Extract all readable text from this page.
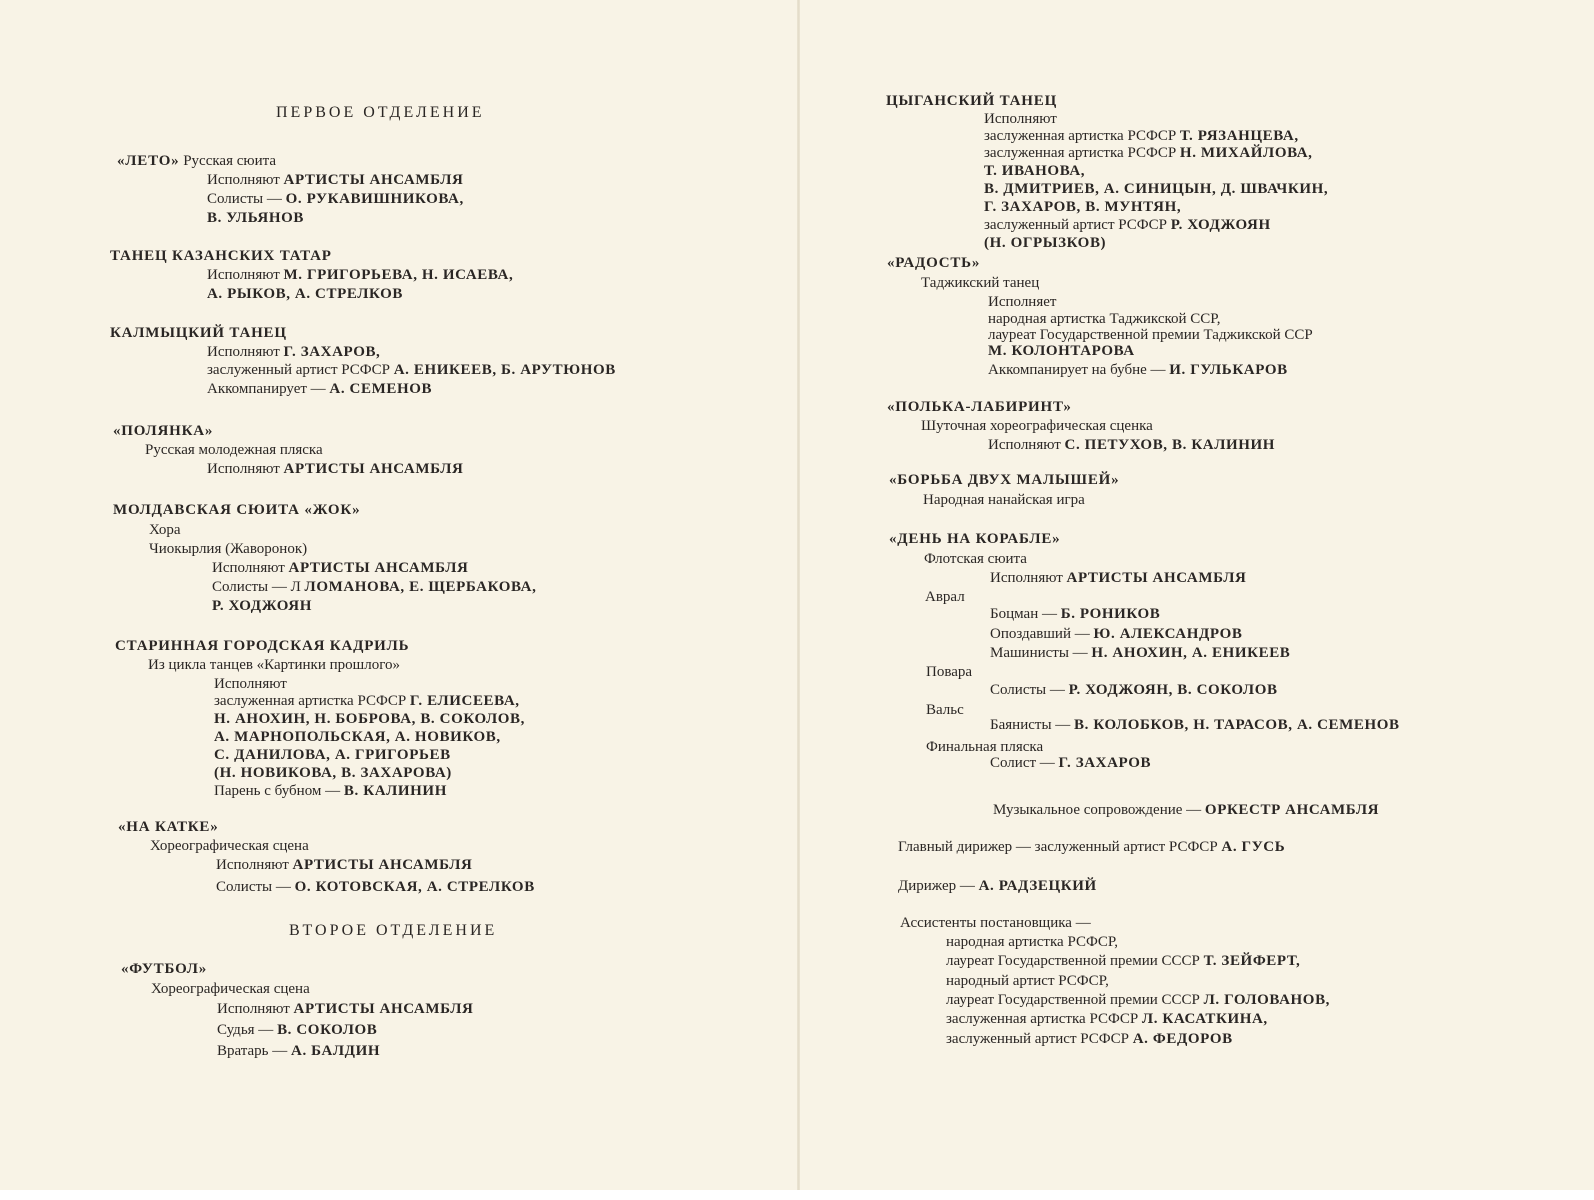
ПЕРВОЕ ОТДЕЛЕНИЕ
«ЛЕТО» Русская сюита
Исполняют АРТИСТЫ АНСАМБЛЯ
Солисты — О. РУКАВИШНИКОВА,
В. УЛЬЯНОВ
ТАНЕЦ КАЗАНСКИХ ТАТАР
Исполняют М. ГРИГОРЬЕВА, Н. ИСАЕВА,
А. РЫКОВ, А. СТРЕЛКОВ
КАЛМЫЦКИЙ ТАНЕЦ
Исполняют Г. ЗАХАРОВ,
заслуженный артист РСФСР А. ЕНИКЕЕВ, Б. АРУТЮНОВ
Аккомпанирует — А. СЕМЕНОВ
«ПОЛЯНКА»
Русская молодежная пляска
Исполняют АРТИСТЫ АНСАМБЛЯ
МОЛДАВСКАЯ СЮИТА «ЖОК»
Хора
Чиокырлия (Жаворонок)
Исполняют АРТИСТЫ АНСАМБЛЯ
Солисты — Л ЛОМАНОВА, Е. ЩЕРБАКОВА,
Р. ХОДЖОЯН
СТАРИННАЯ ГОРОДСКАЯ КАДРИЛЬ
Из цикла танцев «Картинки прошлого»
Исполняют
заслуженная артистка РСФСР Г. ЕЛИСЕЕВА,
Н. АНОХИН, Н. БОБРОВА, В. СОКОЛОВ,
А. МАРНОПОЛЬСКАЯ, А. НОВИКОВ,
С. ДАНИЛОВА, А. ГРИГОРЬЕВ
(Н. НОВИКОВА, В. ЗАХАРОВА)
Парень с бубном — В. КАЛИНИН
«НА КАТКЕ»
Хореографическая сцена
Исполняют АРТИСТЫ АНСАМБЛЯ
Солисты — О. КОТОВСКАЯ, А. СТРЕЛКОВ
ВТОРОЕ ОТДЕЛЕНИЕ
«ФУТБОЛ»
Хореографическая сцена
Исполняют АРТИСТЫ АНСАМБЛЯ
Судья — В. СОКОЛОВ
Вратарь — А. БАЛДИН
ЦЫГАНСКИЙ ТАНЕЦ
Исполняют
заслуженная артистка РСФСР Т. РЯЗАНЦЕВА,
заслуженная артистка РСФСР Н. МИХАЙЛОВА,
Т. ИВАНОВА,
В. ДМИТРИЕВ, А. СИНИЦЫН, Д. ШВАЧКИН,
Г. ЗАХАРОВ, В. МУНТЯН,
заслуженный артист РСФСР Р. ХОДЖОЯН
(Н. ОГРЫЗКОВ)
«РАДОСТЬ»
Таджикский танец
Исполняет
народная артистка Таджикской ССР,
лауреат Государственной премии Таджикской ССР
М. КОЛОНТАРОВА
Аккомпанирует на бубне — И. ГУЛЬКАРОВ
«ПОЛЬКА-ЛАБИРИНТ»
Шуточная хореографическая сценка
Исполняют С. ПЕТУХОВ, В. КАЛИНИН
«БОРЬБА ДВУХ МАЛЫШЕЙ»
Народная нанайская игра
«ДЕНЬ НА КОРАБЛЕ»
Флотская сюита
Исполняют АРТИСТЫ АНСАМБЛЯ
Аврал
Боцман — Б. РОНИКОВ
Опоздавший — Ю. АЛЕКСАНДРОВ
Машинисты — Н. АНОХИН, А. ЕНИКЕЕВ
Повара
Солисты — Р. ХОДЖОЯН, В. СОКОЛОВ
Вальс
Баянисты — В. КОЛОБКОВ, Н. ТАРАСОВ, А. СЕМЕНОВ
Финальная пляска
Солист — Г. ЗАХАРОВ
Музыкальное сопровождение — ОРКЕСТР АНСАМБЛЯ
Главный дирижер — заслуженный артист РСФСР А. ГУСЬ
Дирижер — А. РАДЗЕЦКИЙ
Ассистенты постановщика —
народная артистка РСФСР,
лауреат Государственной премии СССР Т. ЗЕЙФЕРТ,
народный артист РСФСР,
лауреат Государственной премии СССР Л. ГОЛОВАНОВ,
заслуженная артистка РСФСР Л. КАСАТКИНА,
заслуженный артист РСФСР А. ФЕДОРОВ
